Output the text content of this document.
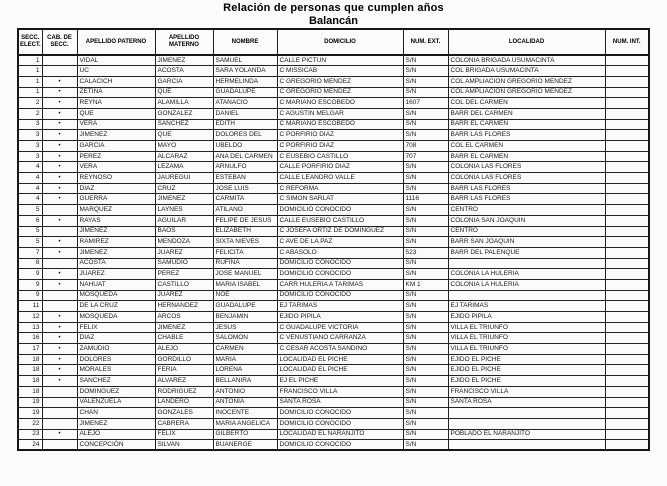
Relación de personas que cumplen años
Balancán
SECC. ELECT.	CAB. DE SECC.	APELLIDO PATERNO	APELLIDO MATERNO	NOMBRE	DOMICILIO	NUM. EXT.	LOCALIDAD	NUM. INT.
1		VIDAL	JIMENEZ	SAMUEL	CALLE PICTUN	S/N	COLONIA BRIGADA USUMACINTA	
1		UC	ACOSTA	SARA YOLANDA	C MISSICAB	S/N	COL BRIGADA USUMACINTA	
1	•	CALACICH	GARCIA	HERMELINDA	C GREGORIO MENDEZ	S/N	COL AMPLIACION GREGORIO MENDEZ	
1	•	ZETINA	QUE	GUADALUPE	C GREGORIO MENDEZ	S/N	COL AMPLIACION GREGORIO MENDEZ	
2	•	REYNA	ALAMILLA	ATANACIO	C MARIANO ESCOBEDO	1607	COL DEL CARMEN	
2	•	QUE	GONZALEZ	DANIEL	C AGUSTIN MELGAR	S/N	BARR DEL CARMEN	
3	•	VERA	SANCHEZ	EDITH	C MARIANO ESCOBEDO	S/N	BARR EL CARMEN	
3	•	JIMENEZ	QUE	DOLORES DEL	C PORFIRIO DIAZ	S/N	BARR LAS FLORES	
3	•	GARCIA	MAYO	UBELDO	C PORFIRIO DIAZ	708	COL EL CARMEN	
3	•	PEREZ	ALCARAZ	ANA DEL CARMEN	C EUSEBIO CASTILLO	707	BARR EL CARMEN	
4	•	VERA	LEZAMA	ARNULFO	CALLE PORFIRIO DIAZ	S/N	COLONIA LAS FLORES	
4	•	REYNOSO	JAUREGUI	ESTEBAN	CALLE LEANDRO VALLE	S/N	COLONIA LAS FLORES	
4	•	DIAZ	CRUZ	JOSE LUIS	C REFORMA	S/N	BARR LAS FLORES	
4	•	GUERRA	JIMENEZ	CARMITA	C SIMON SARLAT	1116	BARR LAS FLORES	
5		MARQUEZ	LAYNES	ATILANO	DOMICILIO CONOCIDO	S/N	CENTRO	
6	•	RAYAS	AGUILAR	FELIPE DE JESUS	CALLE EUSEBIO CASTILLO	S/N	COLONIA SAN JOAQUIN	
5		JIMENEZ	BAOS	ELIZABETH	C JOSEFA ORTIZ DE DOMINGUEZ	S/N	CENTRO	
5	•	RAMIREZ	MENDOZA	SIXTA NIEVES	C AVE DE LA PAZ	S/N	BARR SAN JOAQUIN	
7	•	JIMENEZ	JUAREZ	FELICITA	C ABASOLO	523	BARR DEL PALENQUE	
8		ACOSTA	SAMUDIO	RUFINA	DOMICILIO CONOCIDO	S/N		
9	•	JUAREZ	PEREZ	JOSE MANUEL	DOMICILIO CONOCIDO	S/N	COLONIA LA HULERIA	
9	•	NAHUAT	CASTILLO	MARIA ISABEL	CARR HULERIA A TARIMAS	KM 1	COLONIA LA HULERIA	
9		MOSQUEDA	JUAREZ	NOE	DOMICILIO CONOCIDO	S/N		
11		DE LA CRUZ	HERNANDEZ	GUADALUPE	EJ TARIMAS	S/N	EJ TARIMAS	
12	•	MOSQUEDA	ARCOS	BENJAMIN	EJIDO PIPILA	S/N	EJIDO PIPILA	
13	•	FELIX	JIMENEZ	JESUS	C GUADALUPE VICTORIA	S/N	VILLA EL TRIUNFO	
16	•	DIAZ	CHABLE	SALOMON	C VENUSTIANO CARRANZA	S/N	VILLA EL TRIUNFO	
17	•	ZAMUDIO	ALEJO	CARMEN	C CESAR ACOSTA SANDINO	S/N	VILLA EL TRIUNFO	
18	•	DOLORES	GORDILLO	MARIA	LOCALIDAD EL PICHE	S/N	EJIDO EL PICHE	
18	•	MORALES	FERIA	LORENA	LOCALIDAD EL PICHE	S/N	EJIDO EL PICHE	
18	•	SANCHEZ	ALVAREZ	BELLANIRA	EJ EL PICHE	S/N	EJIDO EL PICHE	
18		DOMINGUEZ	RODRIGUEZ	ANTONIO	FRANCISCO VILLA	S/N	FRANCISCO VILLA	
19		VALENZUELA	LANDERO	ANTONIA	SANTA ROSA	S/N	SANTA ROSA	
19		CHAN	GONZALES	INOCENTE	DOMICILIO CONOCIDO	S/N		
22		JIMENEZ	CABRERA	MARIA ANGELICA	DOMICILIO CONOCIDO	S/N		
23	•	ALEJO	FELIX	GILBERTO	LOCALIDAD EL NARANJITO	S/N	POBLADO EL NARANJITO	
24		CONCEPCIÓN	SILVAN	BUANERGE	DOMICILIO CONOCIDO	S/N		
